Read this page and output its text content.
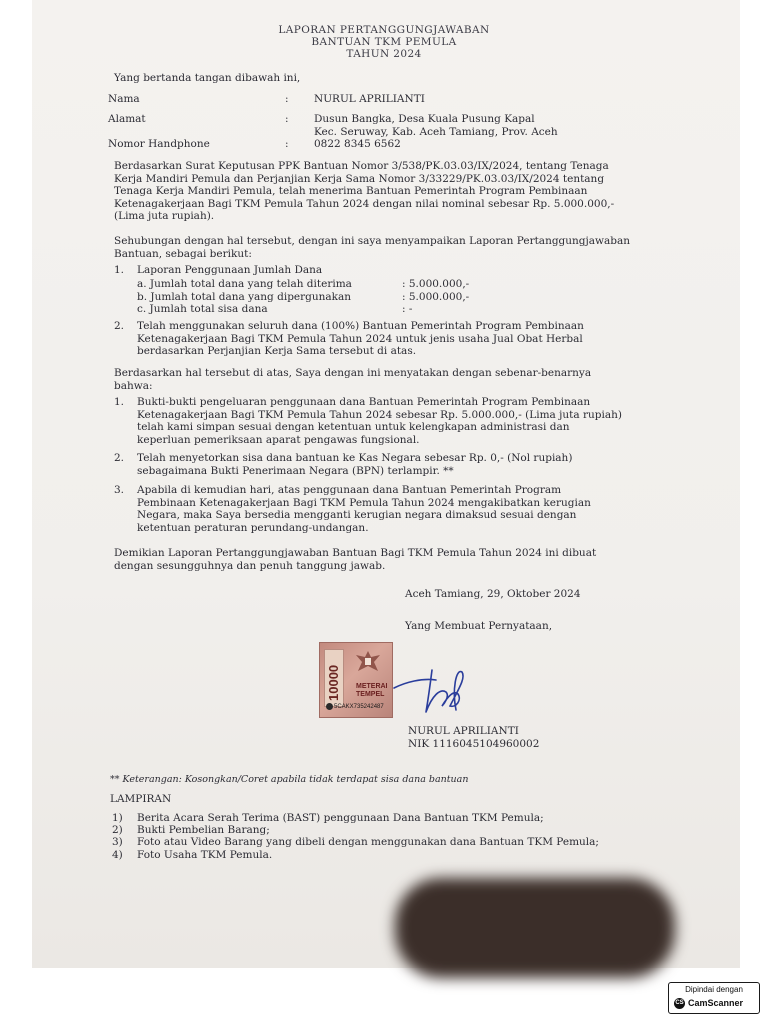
LAPORAN PERTANGGUNGJAWABAN
BANTUAN TKM PEMULA
TAHUN 2024
Yang bertanda tangan dibawah ini,
Nama	: NURUL APRILIANTI
Alamat	: Dusun Bangka, Desa Kuala Pusung Kapal
Kec. Seruway, Kab. Aceh Tamiang, Prov. Aceh
Nomor Handphone	: 0822 8345 6562
Berdasarkan Surat Keputusan PPK Bantuan Nomor 3/538/PK.03.03/IX/2024, tentang Tenaga
Kerja Mandiri Pemula dan Perjanjian Kerja Sama Nomor 3/33229/PK.03.03/IX/2024 tentang
Tenaga Kerja Mandiri Pemula, telah menerima Bantuan Pemerintah Program Pembinaan
Ketenagakerjaan Bagi TKM Pemula Tahun 2024 dengan nilai nominal sebesar Rp. 5.000.000,-
(Lima juta rupiah).
Sehubungan dengan hal tersebut, dengan ini saya menyampaikan Laporan Pertanggungjawaban
Bantuan, sebagai berikut:
1. Laporan Penggunaan Jumlah Dana
a. Jumlah total dana yang telah diterima	: 5.000.000,-
b. Jumlah total dana yang dipergunakan	: 5.000.000,-
c. Jumlah total sisa dana	: -
2. Telah menggunakan seluruh dana (100%) Bantuan Pemerintah Program Pembinaan
Ketenagakerjaan Bagi TKM Pemula Tahun 2024 untuk jenis usaha Jual Obat Herbal
berdasarkan Perjanjian Kerja Sama tersebut di atas.
Berdasarkan hal tersebut di atas, Saya dengan ini menyatakan dengan sebenar-benarnya
bahwa:
1. Bukti-bukti pengeluaran penggunaan dana Bantuan Pemerintah Program Pembinaan
Ketenagakerjaan Bagi TKM Pemula Tahun 2024 sebesar Rp. 5.000.000,- (Lima juta rupiah)
telah kami simpan sesuai dengan ketentuan untuk kelengkapan administrasi dan
keperluan pemeriksaan aparat pengawas fungsional.
2. Telah menyetorkan sisa dana bantuan ke Kas Negara sebesar Rp. 0,- (Nol rupiah)
sebagaimana Bukti Penerimaan Negara (BPN) terlampir. **
3. Apabila di kemudian hari, atas penggunaan dana Bantuan Pemerintah Program
Pembinaan Ketenagakerjaan Bagi TKM Pemula Tahun 2024 mengakibatkan kerugian
Negara, maka Saya bersedia mengganti kerugian negara dimaksud sesuai dengan
ketentuan peraturan perundang-undangan.
Demikian Laporan Pertanggungjawaban Bantuan Bagi TKM Pemula Tahun 2024 ini dibuat
dengan sesungguhnya dan penuh tanggung jawab.
Aceh Tamiang, 29, Oktober 2024
Yang Membuat Pernyataan,
10000 METERAI
TEMPEL
5CAKX735242487
NURUL APRILIANTI
NIK 1116045104960002
** Keterangan: Kosongkan/Coret apabila tidak terdapat sisa dana bantuan
LAMPIRAN
1) Berita Acara Serah Terima (BAST) penggunaan Dana Bantuan TKM Pemula;
2) Bukti Pembelian Barang;
3) Foto atau Video Barang yang dibeli dengan menggunakan dana Bantuan TKM Pemula;
4) Foto Usaha TKM Pemula.
Dipindai dengan
CS CamScanner
